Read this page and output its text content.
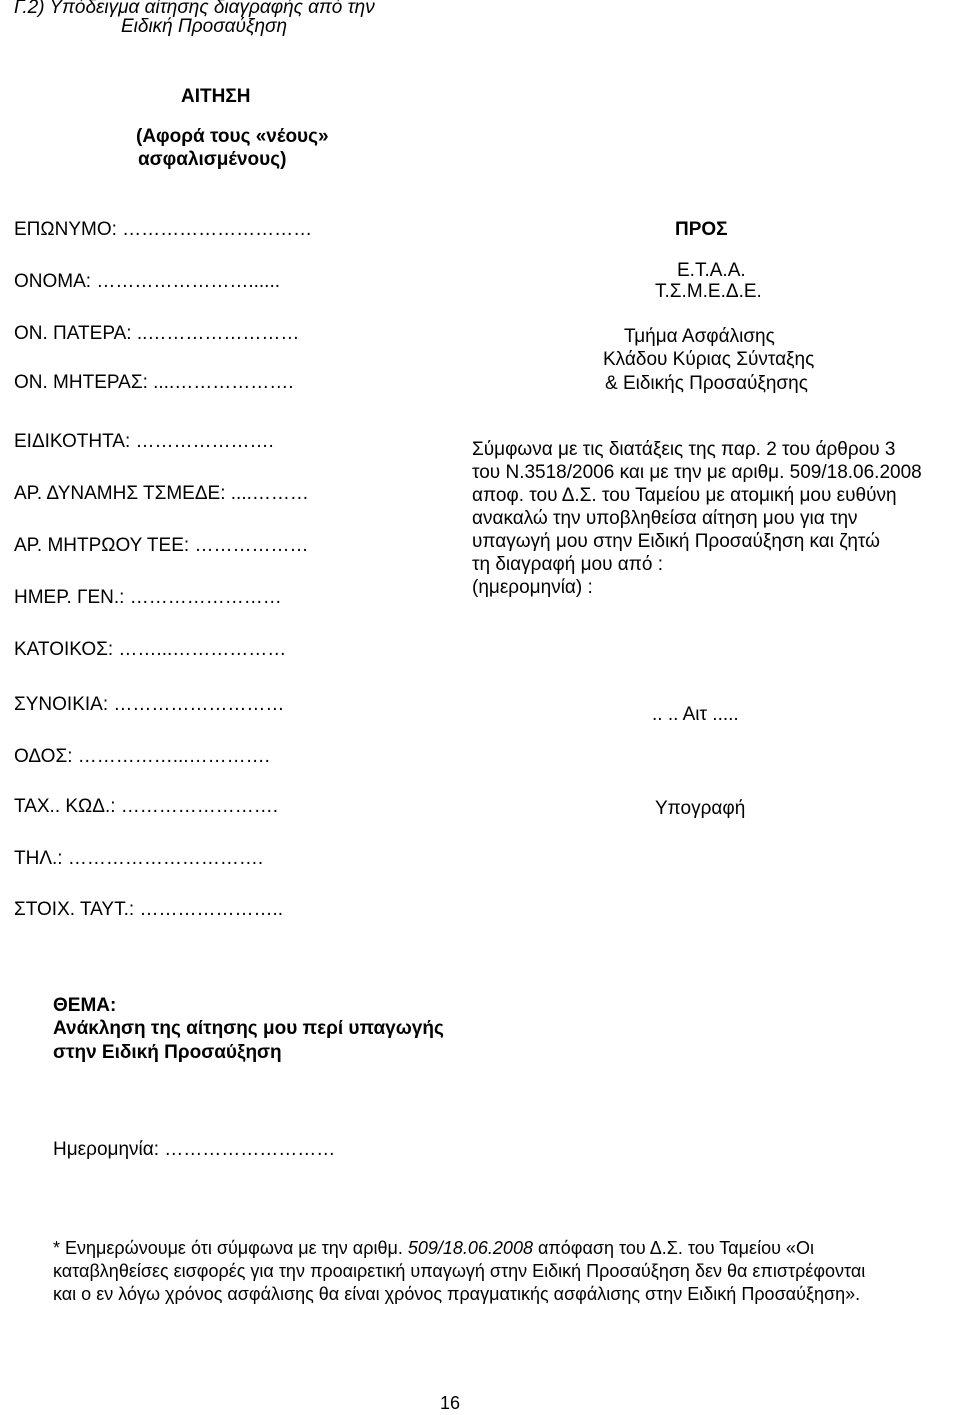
Γ.2) Υπόδειγμα αίτησης διαγραφής από την
Ειδική Προσαύξηση
ΑΙΤΗΣΗ
(Αφορά τους «νέους»
ασφαλισμένους)
ΕΠΩΝΥΜΟ: …………………………
ΟΝΟΜΑ: ……………………......
ΟΝ. ΠΑΤΕΡΑ: ..……………………
ΟΝ. ΜΗΤΕΡΑΣ: ....……………….
ΕΙΔΙΚΟΤΗΤΑ: ………………….
ΑΡ. ΔΥΝΑΜΗΣ ΤΣΜΕΔΕ: ....………
ΑΡ. ΜΗΤΡΩΟΥ ΤΕΕ: ………………
ΗΜΕΡ. ΓΕΝ.: ……………………
ΚΑΤΟΙΚΟΣ: ……...………………
ΣΥΝΟΙΚΙΑ: ………………………
ΟΔΟΣ: ……………...………….
ΤΑΧ.. ΚΩΔ.: …………………….
ΤΗΛ.: ………………………….
ΣΤΟΙΧ. ΤΑΥΤ.: …………………..
ΠΡΟΣ
Ε.Τ.Α.Α.
Τ.Σ.Μ.Ε.Δ.Ε.
Τμήμα Ασφάλισης
Κλάδου Κύριας Σύνταξης
& Ειδικής Προσαύξησης
Σύμφωνα με τις διατάξεις της παρ. 2 του άρθρου 3
του Ν.3518/2006 και με την με αριθμ. 509/18.06.2008
αποφ. του Δ.Σ. του Ταμείου με ατομική μου ευθύνη
ανακαλώ την υποβληθείσα αίτηση μου για την
υπαγωγή μου στην Ειδική Προσαύξηση και ζητώ
τη διαγραφή μου από :
(ημερομηνία) :
.. .. Αιτ .....
Υπογραφή
ΘΕΜΑ:
Ανάκληση της αίτησης μου περί υπαγωγής
στην Ειδική Προσαύξηση
Ημερομηνία: ………………………
* Ενημερώνουμε ότι σύμφωνα με την αριθμ. 509/18.06.2008 απόφαση του Δ.Σ. του Ταμείου «Οι
καταβληθείσες εισφορές για την προαιρετική υπαγωγή στην Ειδική Προσαύξηση δεν θα επιστρέφονται
και ο εν λόγω χρόνος ασφάλισης θα είναι χρόνος πραγματικής ασφάλισης στην Ειδική Προσαύξηση».
16
